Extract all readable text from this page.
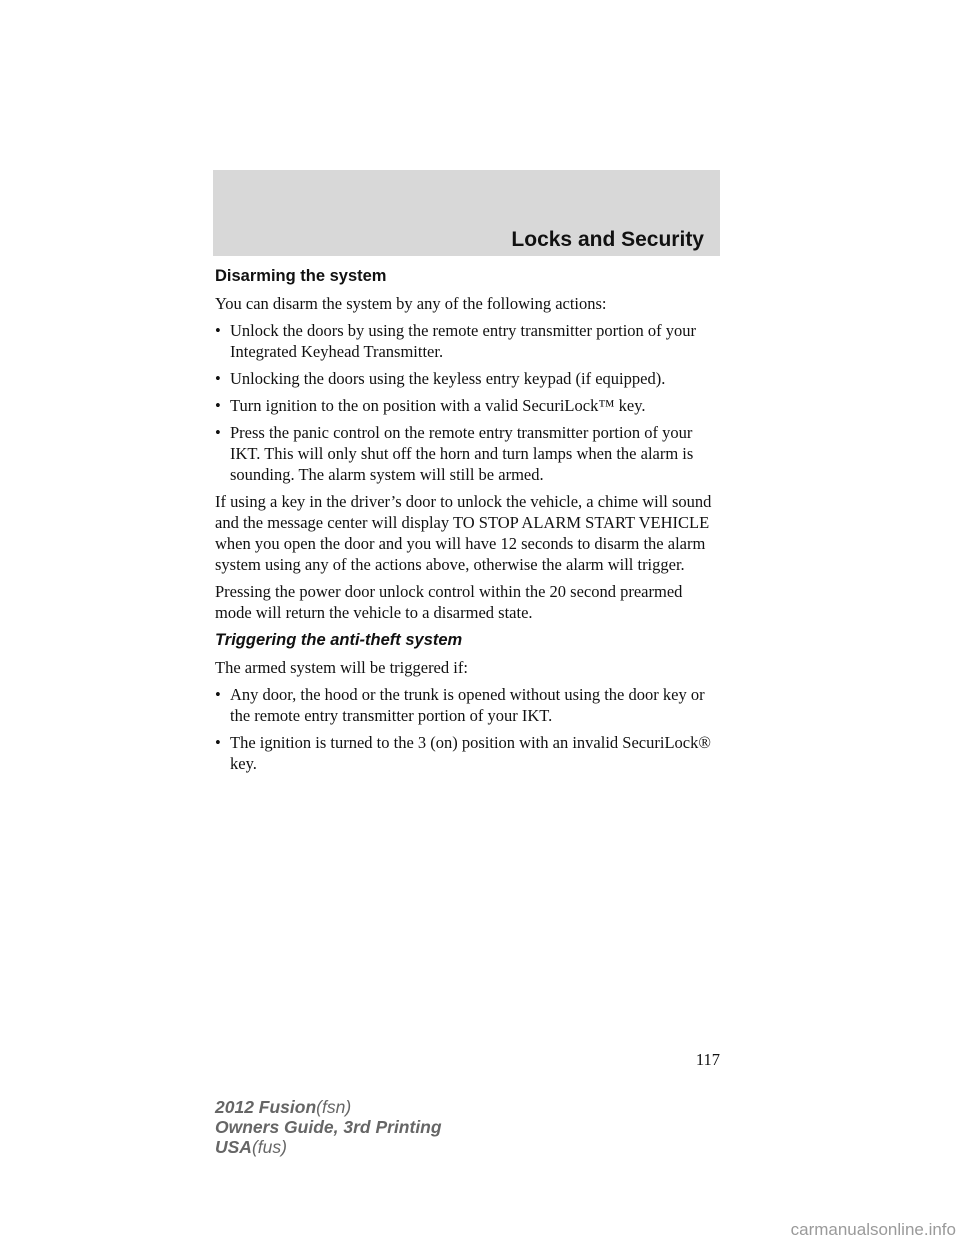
Locks and Security
Disarming the system

You can disarm the system by any of the following actions:

• Unlock the doors by using the remote entry transmitter portion of your Integrated Keyhead Transmitter.
• Unlocking the doors using the keyless entry keypad (if equipped).
• Turn ignition to the on position with a valid SecuriLock™ key.
• Press the panic control on the remote entry transmitter portion of your IKT. This will only shut off the horn and turn lamps when the alarm is sounding. The alarm system will still be armed.

If using a key in the driver’s door to unlock the vehicle, a chime will sound and the message center will display TO STOP ALARM START VEHICLE when you open the door and you will have 12 seconds to disarm the alarm system using any of the actions above, otherwise the alarm will trigger.

Pressing the power door unlock control within the 20 second prearmed mode will return the vehicle to a disarmed state.

Triggering the anti-theft system

The armed system will be triggered if:

• Any door, the hood or the trunk is opened without using the door key or the remote entry transmitter portion of your IKT.
• The ignition is turned to the 3 (on) position with an invalid SecuriLock® key.
117
2012 Fusion(fsn)
Owners Guide, 3rd Printing
USA(fus)
carmanualsonline.info
